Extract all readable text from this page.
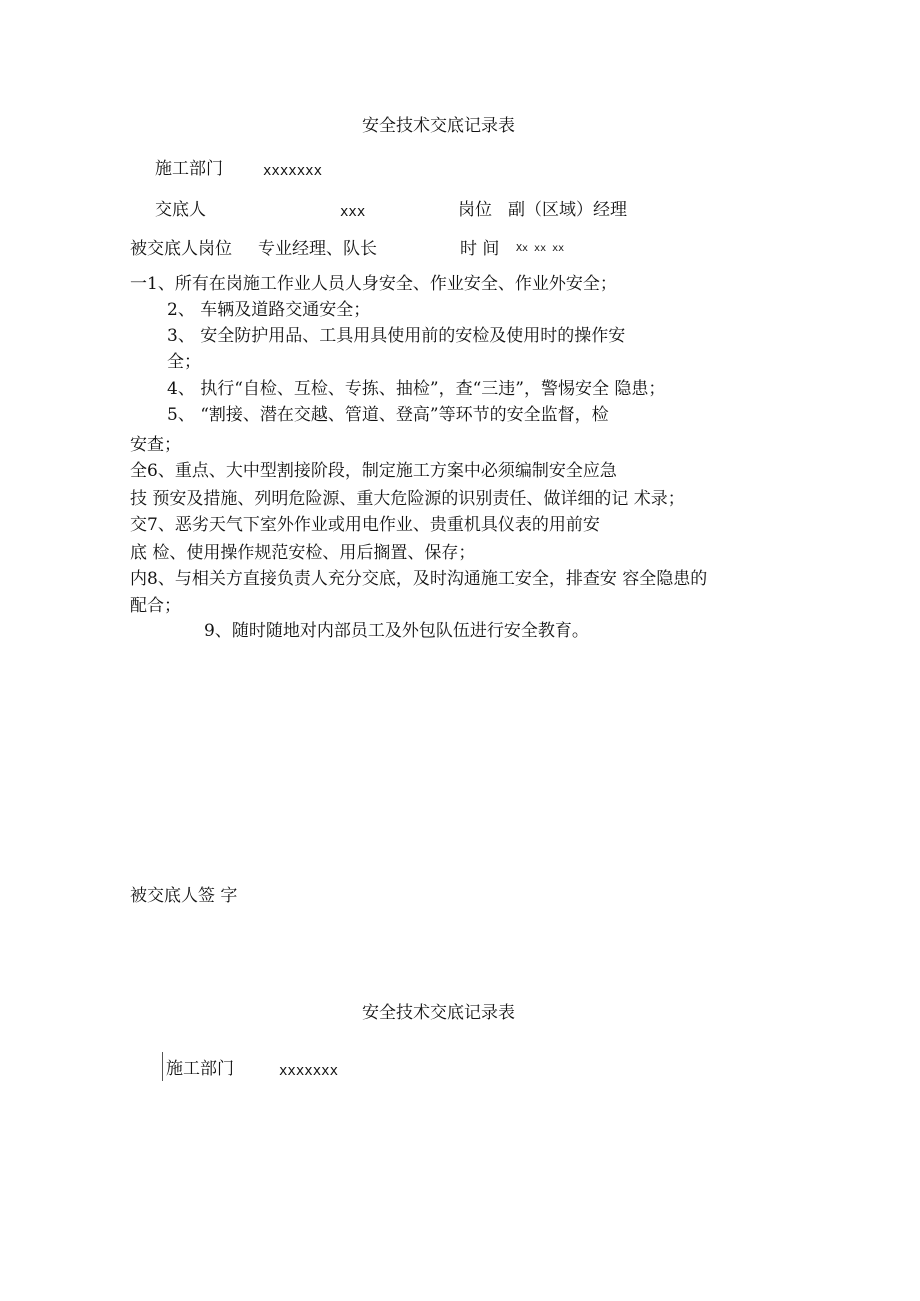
安全技术交底记录表
施工部门	xxxxxxx
交底人	xxx	岗位 副（区域）经理
被交底人岗位 专业经理、队长	时 间 Xx xx xx
一1、所有在岗施工作业人员人身安全、作业安全、作业外安全；
2、 车辆及道路交通安全；
3、 安全防护用品、工具用具使用前的安检及使用时的操作安
全；
4、 执行“自检、互检、专拣、抽检”，查“三违”，警惕安全 隐患；
5、 “割接、潜在交越、管道、登高”等环节的安全监督，检
安查；
全6、重点、大中型割接阶段，制定施工方案中必须编制安全应急
技 预安及措施、列明危险源、重大危险源的识别责任、做详细的记 术录；
交7、恶劣天气下室外作业或用电作业、贵重机具仪表的用前安
底 检、使用操作规范安检、用后搁置、保存；
内8、与相关方直接负责人充分交底，及时沟通施工安全，排查安 容全隐患的
配合；
9、随时随地对内部员工及外包队伍进行安全教育。
被交底人签 字
安全技术交底记录表
施工部门	xxxxxxx
